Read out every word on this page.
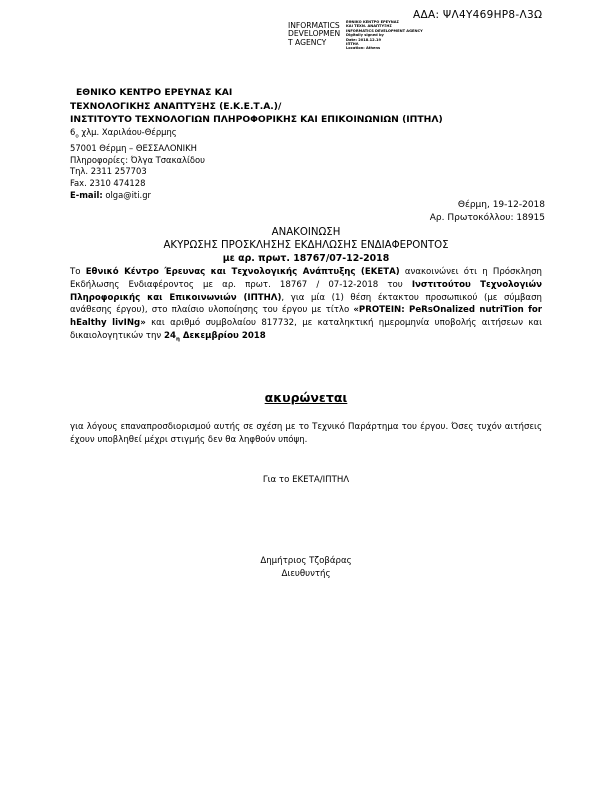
ΑΔΑ: ΨΛ4Υ469ΗΡ8-Λ3Ω
INFORMATICS
DEVELOPMEN
T AGENCY
ΕΘΝΙΚΟ ΚΕΝΤΡΟ ΕΡΕΥΝΑΣ
ΚΑΙ ΤΕΧΝ. ΑΝΑΠΤΥΞΗΣ
INFORMATICS DEVELOPMENT AGENCY
Digitally signed by
Date: 2018.12.19
ΙΠΤΗΛ
Location: Athens
ΕΘΝΙΚΟ ΚΕΝΤΡΟ ΕΡΕΥΝΑΣ ΚΑΙ
ΤΕΧΝΟΛΟΓΙΚΗΣ ΑΝΑΠΤΥΞΗΣ (Ε.Κ.Ε.Τ.Α.)/
ΙΝΣΤΙΤΟΥΤΟ ΤΕΧΝΟΛΟΓΙΩΝ ΠΛΗΡΟΦΟΡΙΚΗΣ ΚΑΙ ΕΠΙΚΟΙΝΩΝΙΩΝ (ΙΠΤΗΛ)
$6_o$ χλμ. Χαριλάου-Θέρμης
57001 Θέρμη – ΘΕΣΣΑΛΟΝΙΚΗ
Πληροφορίες: Όλγα Τσακαλίδου
Τηλ. 2311 257703
Fax. 2310 474128
E-mail: olga@iti.gr
Θέρμη, 19-12-2018
Αρ. Πρωτοκόλλου: 18915
ΑΝΑΚΟΙΝΩΣΗ
ΑΚΥΡΩΣΗΣ ΠΡΟΣΚΛΗΣΗΣ ΕΚΔΗΛΩΣΗΣ ΕΝΔΙΑΦΕΡΟΝΤΟΣ
με αρ. πρωτ. 18767/07-12-2018
Το Εθνικό Κέντρο Έρευνας και Τεχνολογικής Ανάπτυξης (ΕΚΕΤΑ) ανακοινώνει ότι η Πρόσκληση Εκδήλωσης Ενδιαφέροντος με αρ. πρωτ. 18767 / 07-12-2018 του Ινστιτούτου Τεχνολογιών Πληροφορικής και Επικοινωνιών (ΙΠΤΗΛ), για μία (1) θέση έκτακτου προσωπικού (με σύμβαση ανάθεσης έργου), στο πλαίσιο υλοποίησης του έργου με τίτλο «PROTEIN: PeRsOnalized nutriTion for hEalthy livINg» και αριθμό συμβολαίου 817732, με καταληκτική ημερομηνία υποβολής αιτήσεων και δικαιολογητικών την $24_\eta$ Δεκεμβρίου 2018
ακυρώνεται
για λόγους επαναπροσδιορισμού αυτής σε σχέση με το Τεχνικό Παράρτημα του έργου. Όσες τυχόν αιτήσεις έχουν υποβληθεί μέχρι στιγμής δεν θα ληφθούν υπόψη.
Για το ΕΚΕΤΑ/ΙΠΤΗΛ
Δημήτριος Τζοβάρας
Διευθυντής
